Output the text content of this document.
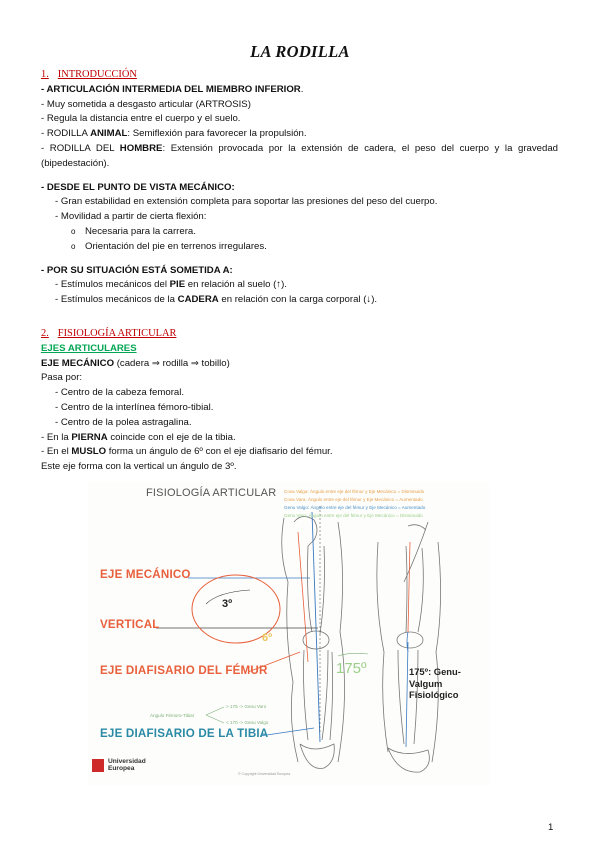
LA RODILLA
1. INTRODUCCIÓN
- ARTICULACIÓN INTERMEDIA DEL MIEMBRO INFERIOR.
- Muy sometida a desgasto articular (ARTROSIS)
- Regula la distancia entre el cuerpo y el suelo.
- RODILLA ANIMAL: Semiflexión para favorecer la propulsión.
- RODILLA DEL HOMBRE: Extensión provocada por la extensión de cadera, el peso del cuerpo y la gravedad (bipedestación).
- DESDE EL PUNTO DE VISTA MECÁNICO:
- Gran estabilidad en extensión completa para soportar las presiones del peso del cuerpo.
- Movilidad a partir de cierta flexión:
o Necesaria para la carrera.
o Orientación del pie en terrenos irregulares.
- POR SU SITUACIÓN ESTÁ SOMETIDA A:
- Estímulos mecánicos del PIE en relación al suelo (↑).
- Estímulos mecánicos de la CADERA en relación con la carga corporal (↓).
2. FISIOLOGÍA ARTICULAR
EJES ARTICULARES
EJE MECÁNICO (cadera ⇒ rodilla ⇒ tobillo)
Pasa por:
- Centro de la cabeza femoral.
- Centro de la interlínea fémoro-tibial.
- Centro de la polea astragalina.
- En la PIERNA coincide con el eje de la tibia.
- En el MUSLO forma un ángulo de 6º con el eje diafisario del fémur.
Este eje forma con la vertical un ángulo de 3º.
FISIOLOGÍA ARTICULAR Coxa Valga: Ángulo entre eje del fémur y Eje Mecánico = Disminuido
Coxa Vara: Ángulo entre eje del fémur y Eje Mecánico = Aumentado
Genu Valgo: Ángulo entre eje del fémur y Eje Mecánico = Aumentado
Genu Varo: Ángulo entre eje del fémur y Eje Mecánico = Disminuido
EJE MECÁNICO
VERTICAL
EJE DIAFISARIO DEL FÉMUR
EJE DIAFISARIO DE LA TIBIA
3º
6º
175º	175º: Genu-
Valgum
Fisiológico
Ángulo Fémoro-Tibial
> 175 -> Genu Varo
< 170 -> Genu Valgo
Universidad
Europea
© Copyright Universidad Europea
1
